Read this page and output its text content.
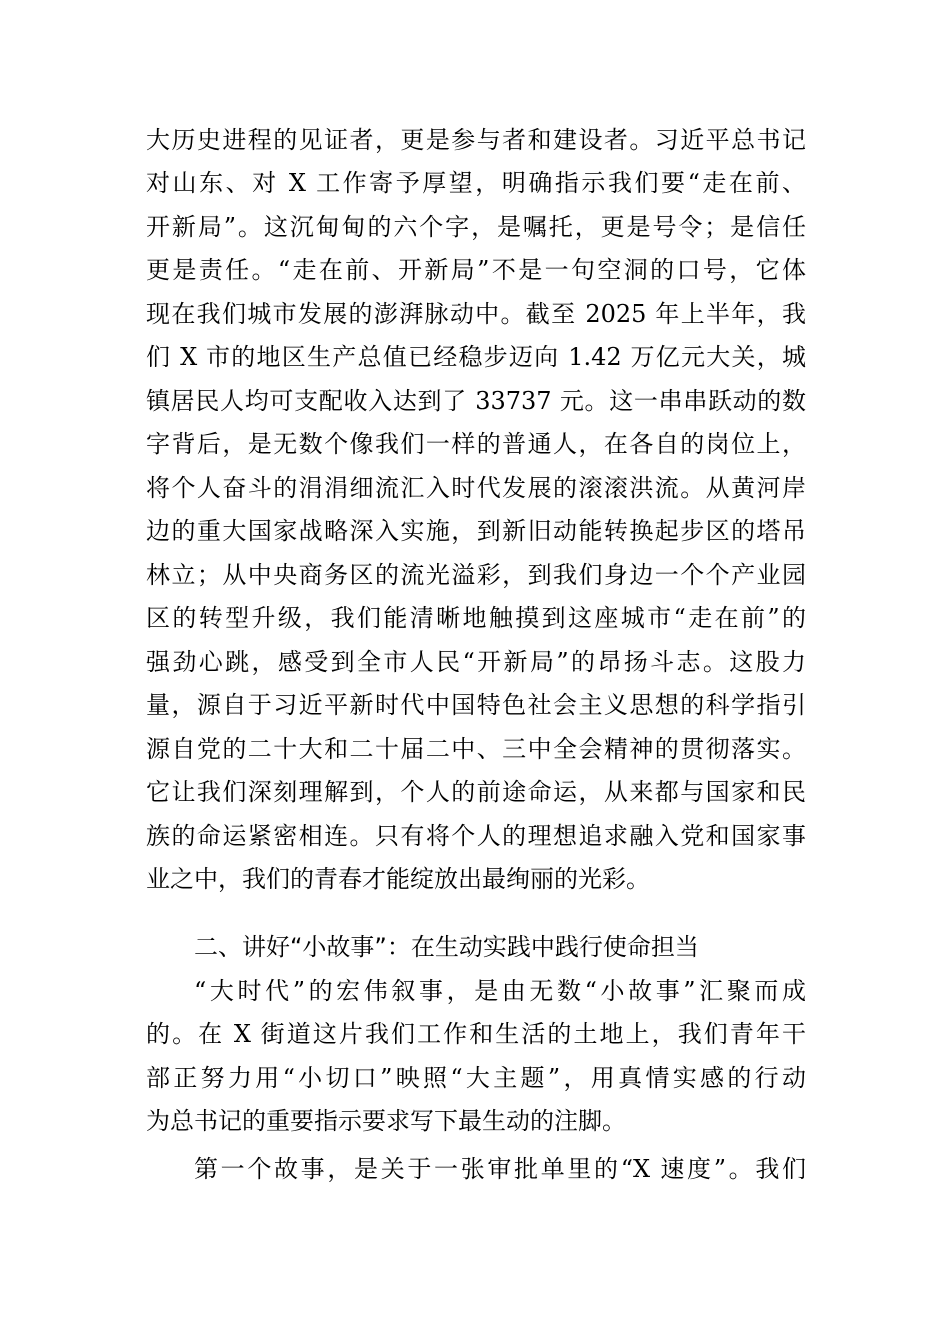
大历史进程的见证者，更是参与者和建设者。习近平总书记
对山东、对 X 工作寄予厚望，明确指示我们要“走在前、
开新局”。这沉甸甸的六个字，是嘱托，更是号令；是信任
更是责任。“走在前、开新局”不是一句空洞的口号，它体
现在我们城市发展的澎湃脉动中。截至 2025 年上半年，我
们 X 市的地区生产总值已经稳步迈向 1.42 万亿元大关，城
镇居民人均可支配收入达到了 33737 元。这一串串跃动的数
字背后，是无数个像我们一样的普通人，在各自的岗位上，
将个人奋斗的涓涓细流汇入时代发展的滚滚洪流。从黄河岸
边的重大国家战略深入实施，到新旧动能转换起步区的塔吊
林立；从中央商务区的流光溢彩，到我们身边一个个产业园
区的转型升级，我们能清晰地触摸到这座城市“走在前”的
强劲心跳，感受到全市人民“开新局”的昂扬斗志。这股力
量，源自于习近平新时代中国特色社会主义思想的科学指引
源自党的二十大和二十届二中、三中全会精神的贯彻落实。
它让我们深刻理解到，个人的前途命运，从来都与国家和民
族的命运紧密相连。只有将个人的理想追求融入党和国家事
业之中，我们的青春才能绽放出最绚丽的光彩。
二、讲好“小故事”：在生动实践中践行使命担当
“大时代”的宏伟叙事，是由无数“小故事”汇聚而成
的。在 X 街道这片我们工作和生活的土地上，我们青年干
部正努力用“小切口”映照“大主题”，用真情实感的行动
为总书记的重要指示要求写下最生动的注脚。
第一个故事，是关于一张审批单里的“X 速度”。我们
